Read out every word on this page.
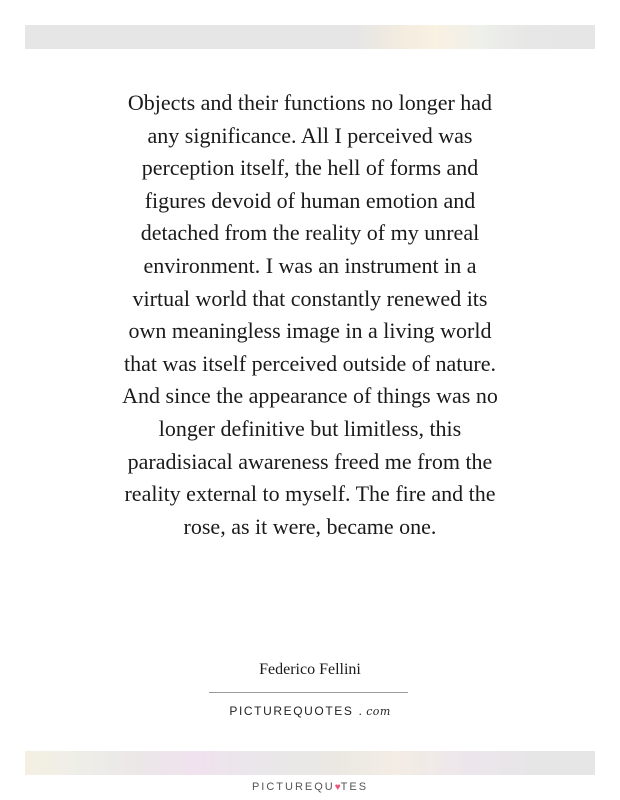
Objects and their functions no longer had
any significance. All I perceived was
perception itself, the hell of forms and
figures devoid of human emotion and
detached from the reality of my unreal
environment. I was an instrument in a
virtual world that constantly renewed its
own meaningless image in a living world
that was itself perceived outside of nature.
And since the appearance of things was no
longer definitive but limitless, this
paradisiacal awareness freed me from the
reality external to myself. The fire and the
rose, as it were, became one.

Federico Fellini
PICTUREQUOTES . com
PICTUREQU♥TES
